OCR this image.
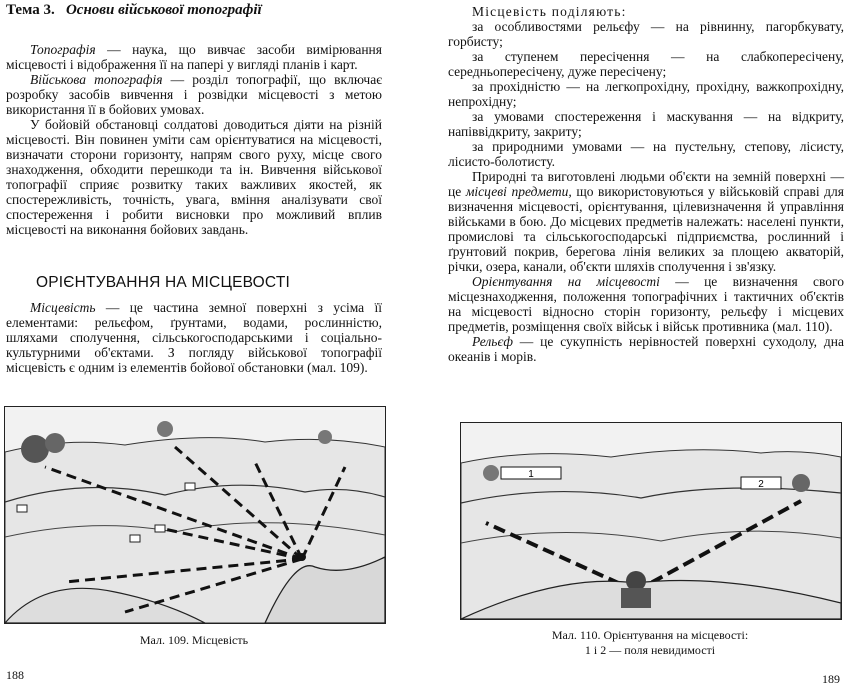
Тема 3. Основи військової топографії

Топографія — наука, що вивчає засоби вимірювання місцевості і відображення її на папері у вигляді планів і карт.

Військова топографія — розділ топографії, що включає розробку засобів вивчення і розвідки місцевості з метою використання її в бойових умовах.

У бойовій обстановці солдатові доводиться діяти на різній місцевості. Він повинен уміти сам орієнтуватися на місцевості, визначати сторони горизонту, напрям свого руху, місце свого знаходження, обходити перешкоди та ін. Вивчення військової топографії сприяє розвитку таких важливих якостей, як спостережливість, точність, увага, вміння аналізувати свої спостереження і робити висновки про можливий вплив місцевості на виконання бойових завдань.

ОРІЄНТУВАННЯ НА МІСЦЕВОСТІ

Місцевість — це частина земної поверхні з усіма її елементами: рельєфом, ґрунтами, водами, рослинністю, шляхами сполучення, сільськогосподарськими і соціально-культурними об'єктами. З погляду військової топографії місцевість є одним із елементів бойової обстановки (мал. 109).

Мал. 109. Місцевість
188

Місцевість поділяють:

за особливостями рельєфу — на рівнинну, пагорбкувату, горбисту;

за ступенем пересічення — на слабкопересічену, середньопересічену, дуже пересічену;

за прохідністю — на легкопрохідну, прохідну, важкопрохідну, непрохідну;

за умовами спостереження і маскування — на відкриту, напіввідкриту, закриту;

за природними умовами — на пустельну, степову, лісисту, лісисто-болотисту.

Природні та виготовлені людьми об'єкти на земній поверхні — це місцеві предмети, що використовуються у військовій справі для визначення місцевості, орієнтування, цілевизначення й управління військами в бою. До місцевих предметів належать: населені пункти, промислові та сільськогосподарські підприємства, рослинний і ґрунтовий покрив, берегова лінія великих за площею акваторій, річки, озера, канали, об'єкти шляхів сполучення і зв'язку.

Орієнтування на місцевості — це визначення свого місцезнаходження, положення топографічних і тактичних об'єктів на місцевості відносно сторін горизонту, рельєфу і місцевих предметів, розміщення своїх військ і військ противника (мал. 110).

Рельєф — це сукупність нерівностей поверхні суходолу, дна океанів і морів.

1
2
Мал. 110. Орієнтування на місцевості:
1 і 2 — поля невидимості
189
